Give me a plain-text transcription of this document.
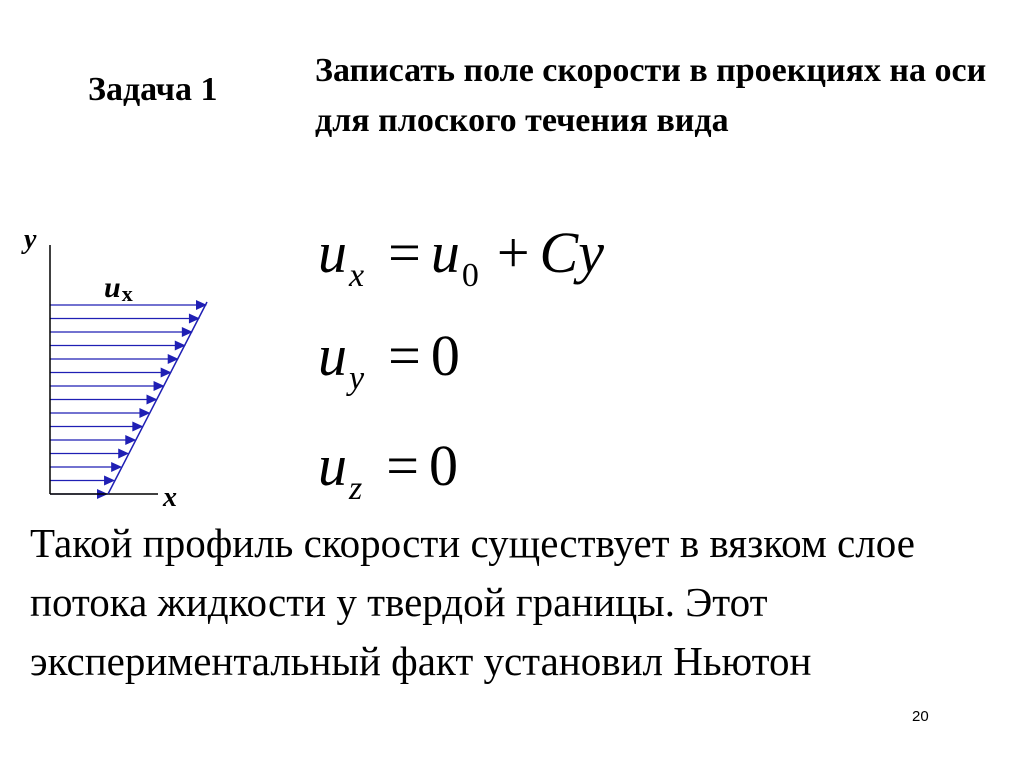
Задача 1
Записать поле скорости в проекциях на оси для плоского течения вида
y
x
ux
$u_x = u_0 + Cy$
$u_y = 0$
$u_z = 0$
Такой профиль скорости существует в вязком слое потока жидкости у твердой границы. Этот экспериментальный факт установил Ньютон
20
